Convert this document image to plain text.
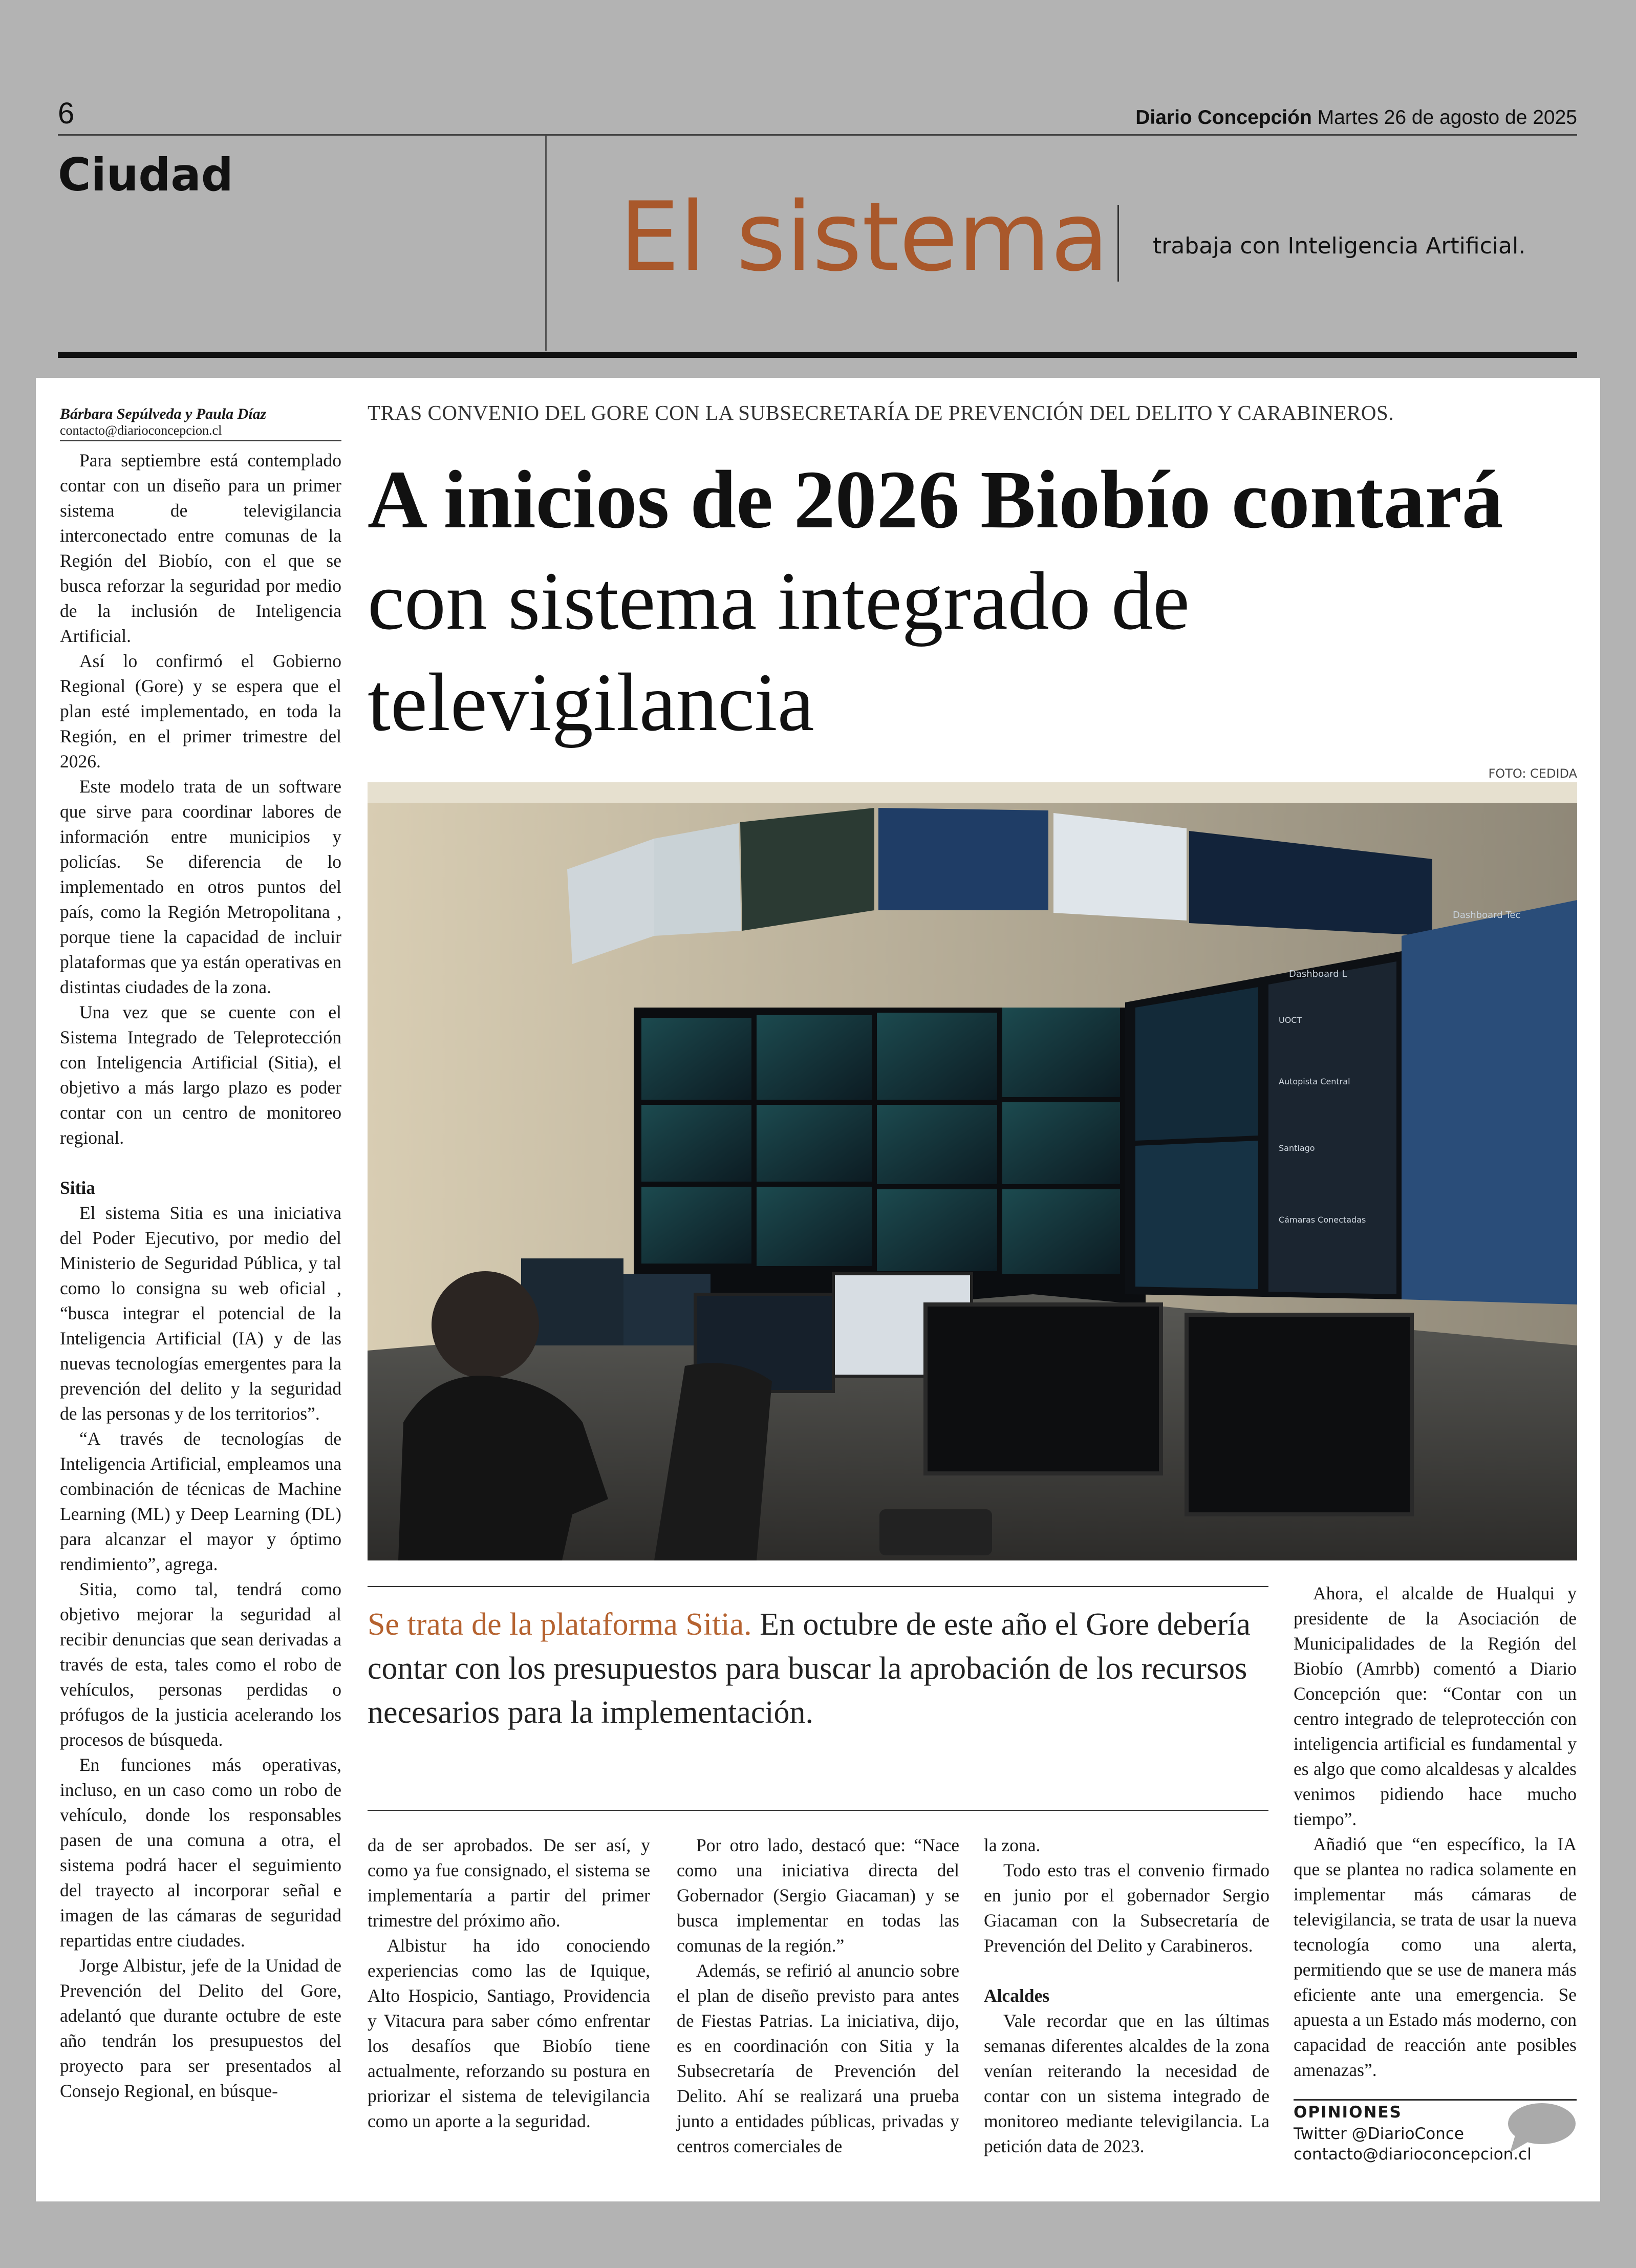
6	Diario Concepción Martes 26 de agosto de 2025
Ciudad
El sistema trabaja con Inteligencia Artificial.
Bárbara Sepúlveda y Paula Díaz
contacto@diarioconcepcion.cl

Para septiembre está contemplado contar con un diseño para un primer sistema de televigilancia interconectado entre comunas de la Región del Biobío, con el que se busca reforzar la seguridad por medio de la inclusión de Inteligencia Artificial.

Así lo confirmó el Gobierno Regional (Gore) y se espera que el plan esté implementado, en toda la Región, en el primer trimestre del 2026.

Este modelo trata de un software que sirve para coordinar labores de información entre municipios y policías. Se diferencia de lo implementado en otros puntos del país, como la Región Metropolitana , porque tiene la capacidad de incluir plataformas que ya están operativas en distintas ciudades de la zona.

Una vez que se cuente con el Sistema Integrado de Teleprotección con Inteligencia Artificial (Sitia), el objetivo a más largo plazo es poder contar con un centro de monitoreo regional.

Sitia

El sistema Sitia es una iniciativa del Poder Ejecutivo, por medio del Ministerio de Seguridad Pública, y tal como lo consigna su web oficial , “busca integrar el potencial de la Inteligencia Artificial (IA) y de las nuevas tecnologías emergentes para la prevención del delito y la seguridad de las personas y de los territorios”.

“A través de tecnologías de Inteligencia Artificial, empleamos una combinación de técnicas de Machine Learning (ML) y Deep Learning (DL) para alcanzar el mayor y óptimo rendimiento”, agrega.

Sitia, como tal, tendrá como objetivo mejorar la seguridad al recibir denuncias que sean derivadas a través de esta, tales como el robo de vehículos, personas perdidas o prófugos de la justicia acelerando los procesos de búsqueda.

En funciones más operativas, incluso, en un caso como un robo de vehículo, donde los responsables pasen de una comuna a otra, el sistema podrá hacer el seguimiento del trayecto al incorporar señal e imagen de las cámaras de seguridad repartidas entre ciudades.

Jorge Albistur, jefe de la Unidad de Prevención del Delito del Gore, adelantó que durante octubre de este año tendrán los presupuestos del proyecto para ser presentados al Consejo Regional, en búsque-

TRAS CONVENIO DEL GORE CON LA SUBSECRETARÍA DE PREVENCIÓN DEL DELITO Y CARABINEROS.
A inicios de 2026 Biobío contará con sistema integrado de televigilancia
FOTO: CEDIDA
Dashboard L
Dashboard Tec
UOCT
Autopista Central
Santiago
Cámaras Conectadas
Se trata de la plataforma Sitia. En octubre de este año el Gore debería contar con los presupuestos para buscar la aprobación de los recursos necesarios para la implementación.

da de ser aprobados. De ser así, y como ya fue consignado, el sistema se implementaría a partir del primer trimestre del próximo año.

Albistur ha ido conociendo experiencias como las de Iquique, Alto Hospicio, Santiago, Providencia y Vitacura para saber cómo enfrentar los desafíos que Biobío tiene actualmente, reforzando su postura en priorizar el sistema de televigilancia como un aporte a la seguridad.

Por otro lado, destacó que: “Nace como una iniciativa directa del Gobernador (Sergio Giacaman) y se busca implementar en todas las comunas de la región.”

Además, se refirió al anuncio sobre el plan de diseño previsto para antes de Fiestas Patrias. La iniciativa, dijo, es en coordinación con Sitia y la Subsecretaría de Prevención del Delito. Ahí se realizará una prueba junto a entidades públicas, privadas y centros comerciales de

la zona.

Todo esto tras el convenio firmado en junio por el gobernador Sergio Giacaman con la Subsecretaría de Prevención del Delito y Carabineros.

Alcaldes

Vale recordar que en las últimas semanas diferentes alcaldes de la zona venían reiterando la necesidad de contar con un sistema integrado de monitoreo mediante televigilancia. La petición data de 2023.

Ahora, el alcalde de Hualqui y presidente de la Asociación de Municipalidades de la Región del Biobío (Amrbb) comentó a Diario Concepción que: “Contar con un centro integrado de teleprotección con inteligencia artificial es fundamental y es algo que como alcaldesas y alcaldes venimos pidiendo hace mucho tiempo”.

Añadió que “en específico, la IA que se plantea no radica solamente en implementar más cámaras de televigilancia, se trata de usar la nueva tecnología como una alerta, permitiendo que se use de manera más eficiente ante una emergencia. Se apuesta a un Estado más moderno, con capacidad de reacción ante posibles amenazas”.

OPINIONES
Twitter @DiarioConce
contacto@diarioconcepcion.cl
